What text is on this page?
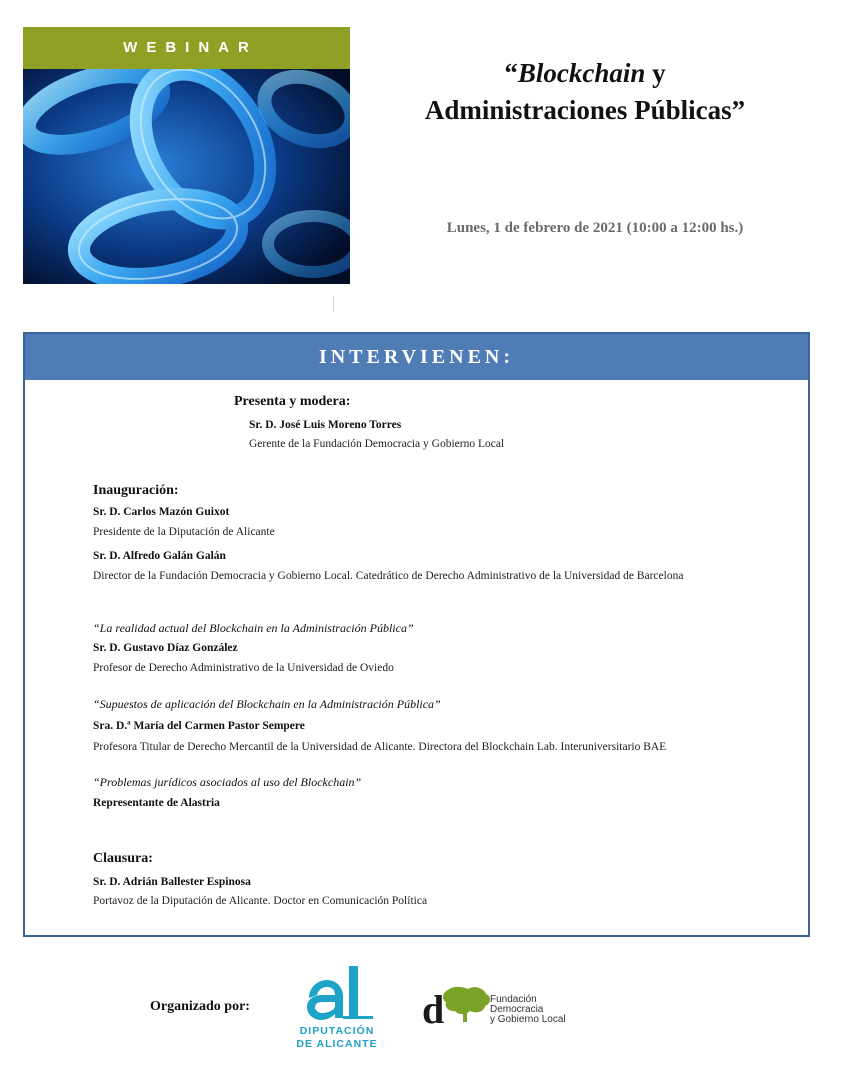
WEBINAR
“Blockchain y
Administraciones Públicas”
Lunes, 1 de febrero de 2021 (10:00 a 12:00 hs.)
INTERVIENEN:
Presenta y modera:
Sr. D. José Luis Moreno Torres
Gerente de la Fundación Democracia y Gobierno Local
Inauguración:
Sr. D. Carlos Mazón Guixot
Presidente de la Diputación de Alicante
Sr. D. Alfredo Galán Galán
Director de la Fundación Democracia y Gobierno Local. Catedrático de Derecho Administrativo de la Universidad de Barcelona
“La realidad actual del Blockchain en la Administración Pública”
Sr. D. Gustavo Díaz González
Profesor de Derecho Administrativo de la Universidad de Oviedo
“Supuestos de aplicación del Blockchain en la Administración Pública”
Sra. D.ª María del Carmen Pastor Sempere
Profesora Titular de Derecho Mercantil de la Universidad de Alicante. Directora del Blockchain Lab. Interuniversitario BAE
“Problemas jurídicos asociados al uso del Blockchain”
Representante de Alastria
Clausura:
Sr. D. Adrián Ballester Espinosa
Portavoz de la Diputación de Alicante. Doctor en Comunicación Política
Organizado por:
DIPUTACIÓN
DE ALICANTE
d	Fundación
Democracia
y Gobierno Local
